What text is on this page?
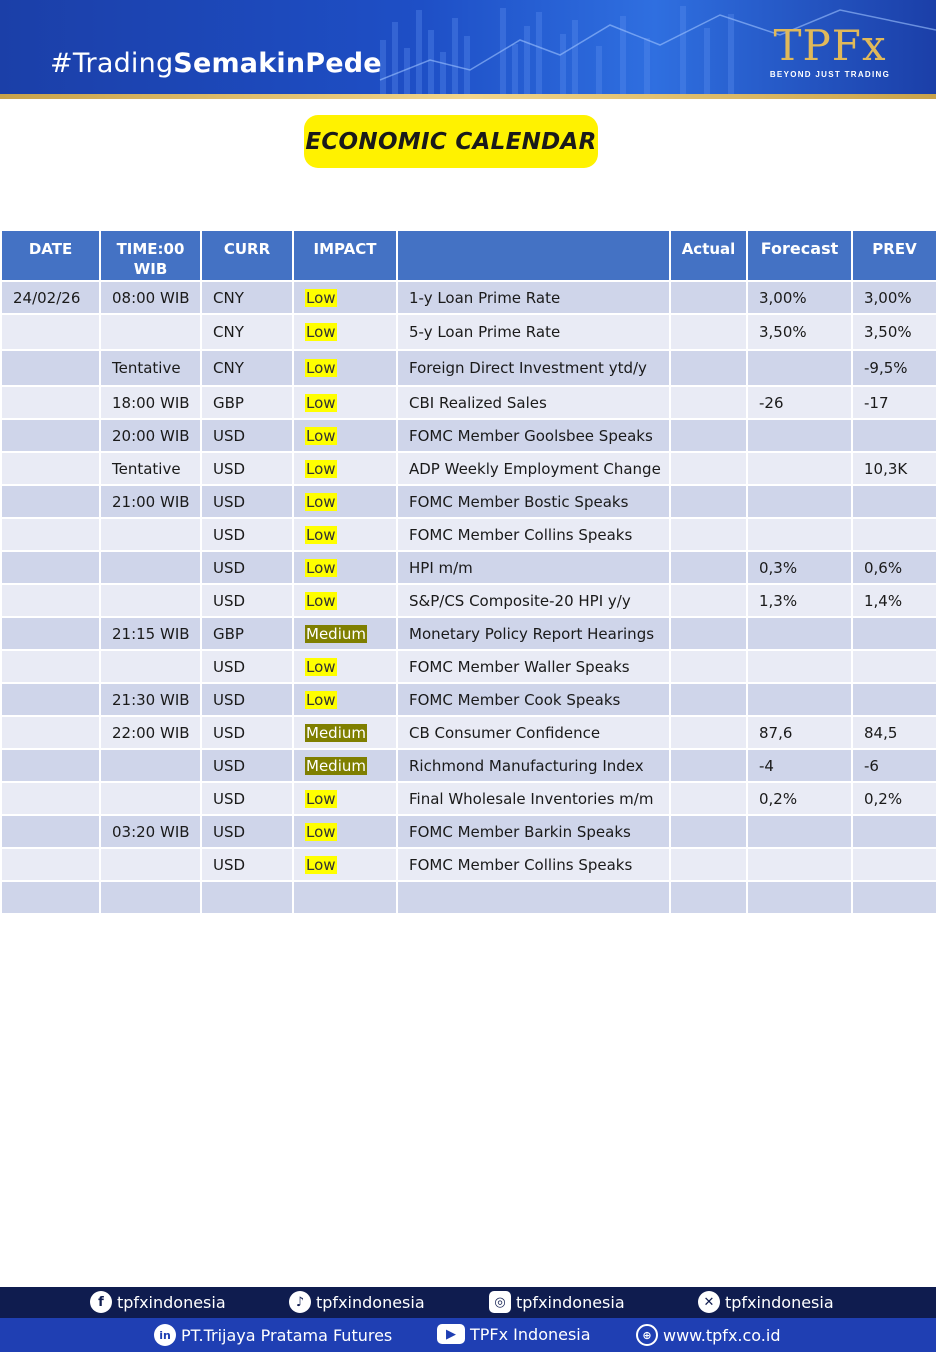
#TradingSemakinPede	TPFx
BEYOND JUST TRADING
ECONOMIC CALENDAR
DATE	TIME:00
WIB	CURR	IMPACT		Actual	Forecast	PREV
24/02/26	08:00 WIB	CNY	Low	1-y Loan Prime Rate		3,00%	3,00%
		CNY	Low	5-y Loan Prime Rate		3,50%	3,50%
	Tentative	CNY	Low	Foreign Direct Investment ytd/y			-9,5%
	18:00 WIB	GBP	Low	CBI Realized Sales		-26	-17
	20:00 WIB	USD	Low	FOMC Member Goolsbee Speaks			
	Tentative	USD	Low	ADP Weekly Employment Change			10,3K
	21:00 WIB	USD	Low	FOMC Member Bostic Speaks			
		USD	Low	FOMC Member Collins Speaks			
		USD	Low	HPI m/m		0,3%	0,6%
		USD	Low	S&P/CS Composite-20 HPI y/y		1,3%	1,4%
	21:15 WIB	GBP	Medium	Monetary Policy Report Hearings			
		USD	Low	FOMC Member Waller Speaks			
	21:30 WIB	USD	Low	FOMC Member Cook Speaks			
	22:00 WIB	USD	Medium	CB Consumer Confidence		87,6	84,5
		USD	Medium	Richmond Manufacturing Index		-4	-6
		USD	Low	Final Wholesale Inventories m/m		0,2%	0,2%
	03:20 WIB	USD	Low	FOMC Member Barkin Speaks			
		USD	Low	FOMC Member Collins Speaks			

f tpfxindonesia	♪ tpfxindonesia	◎ tpfxindonesia	✕ tpfxindonesia
in PT.Trijaya Pratama Futures	▶ TPFx Indonesia	⊕ www.tpfx.co.id
